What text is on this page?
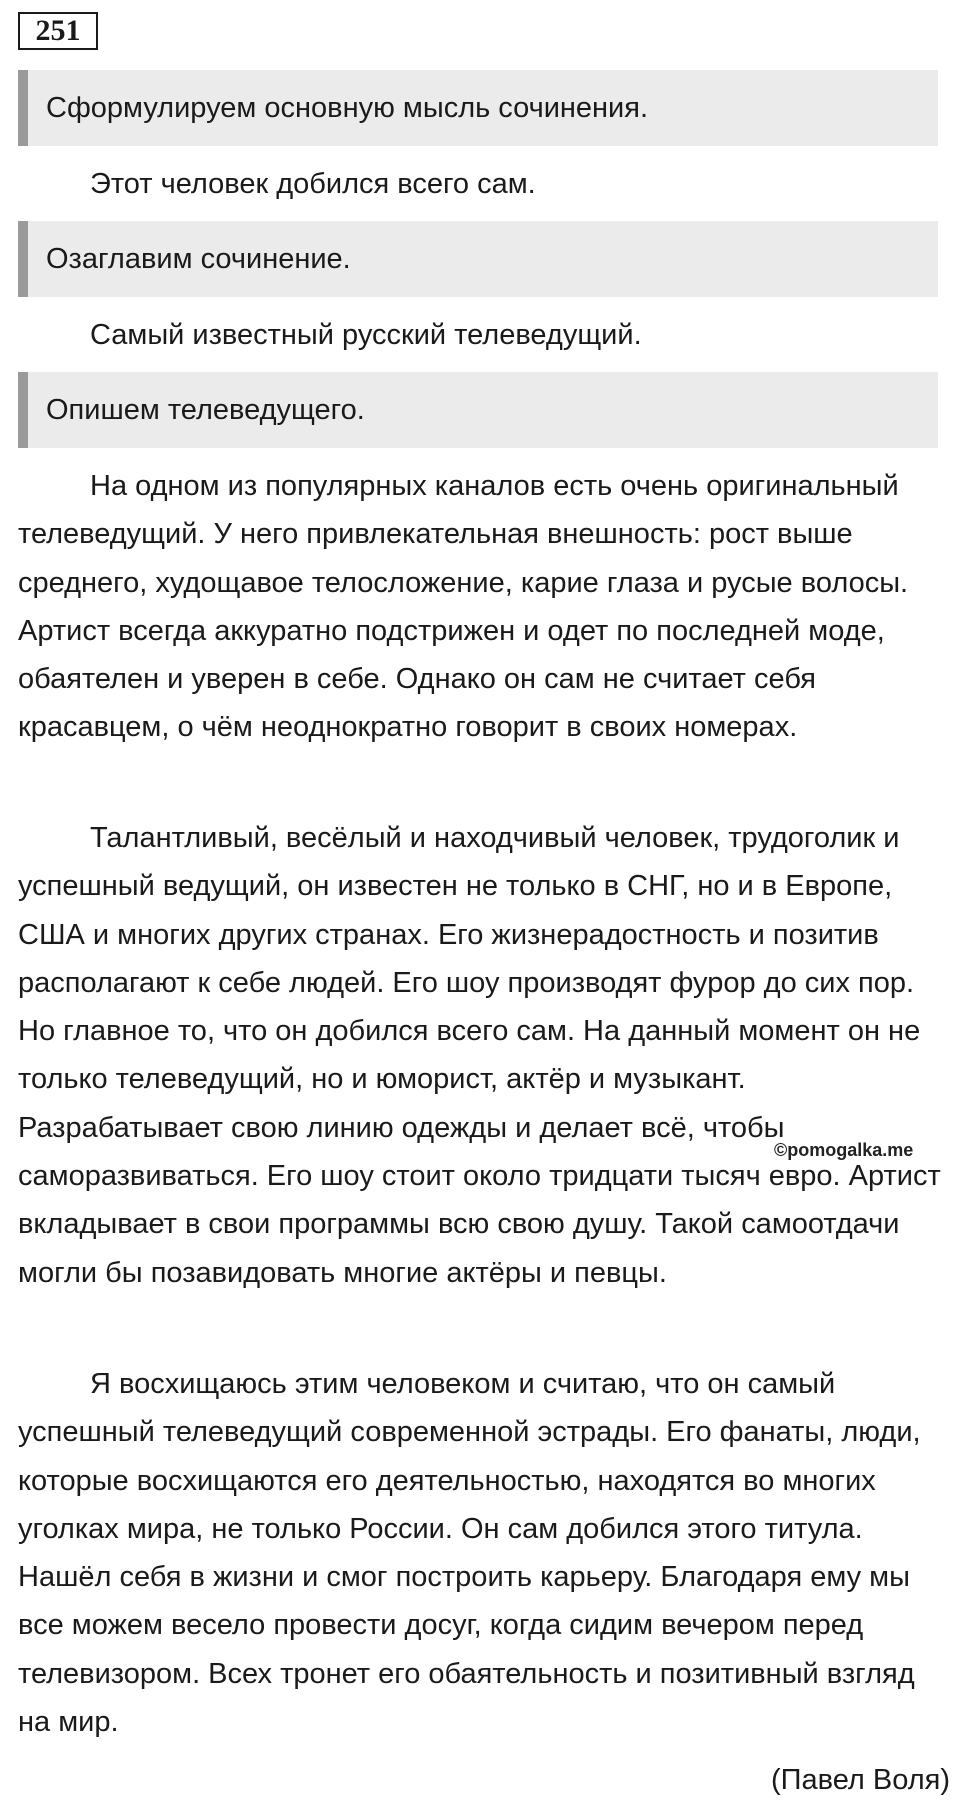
251
Сформулируем основную мысль сочинения.
Этот человек добился всего сам.
Озаглавим сочинение.
Самый известный русский телеведущий.
Опишем телеведущего.

На одном из популярных каналов есть очень оригинальный телеведущий. У него привлекательная внешность: рост выше среднего, худощавое телосложение, карие глаза и русые волосы. Артист всегда аккуратно подстрижен и одет по последней моде, обаятелен и уверен в себе. Однако он сам не считает себя красавцем, о чём неоднократно говорит в своих номерах.

Талантливый, весёлый и находчивый человек, трудоголик и успешный ведущий, он известен не только в СНГ, но и в Европе, США и многих других странах. Его жизнерадостность и позитив располагают к себе людей. Его шоу производят фурор до сих пор. Но главное то, что он добился всего сам. На данный момент он не только телеведущий, но и юморист, актёр и музыкант. Разрабатывает свою линию одежды и делает всё, чтобы саморазвиваться. Его шоу стоит около тридцати тысяч евро. Артист вкладывает в свои программы всю свою душу. Такой самоотдачи могли бы позавидовать многие актёры и певцы.

Я восхищаюсь этим человеком и считаю, что он самый успешный телеведущий современной эстрады. Его фанаты, люди, которые восхищаются его деятельностью, находятся во многих уголках мира, не только России. Он сам добился этого титула. Нашёл себя в жизни и смог построить карьеру. Благодаря ему мы все можем весело провести досуг, когда сидим вечером перед телевизором. Всех тронет его обаятельность и позитивный взгляд на мир.

©pomogalka.me
(Павел Воля)
